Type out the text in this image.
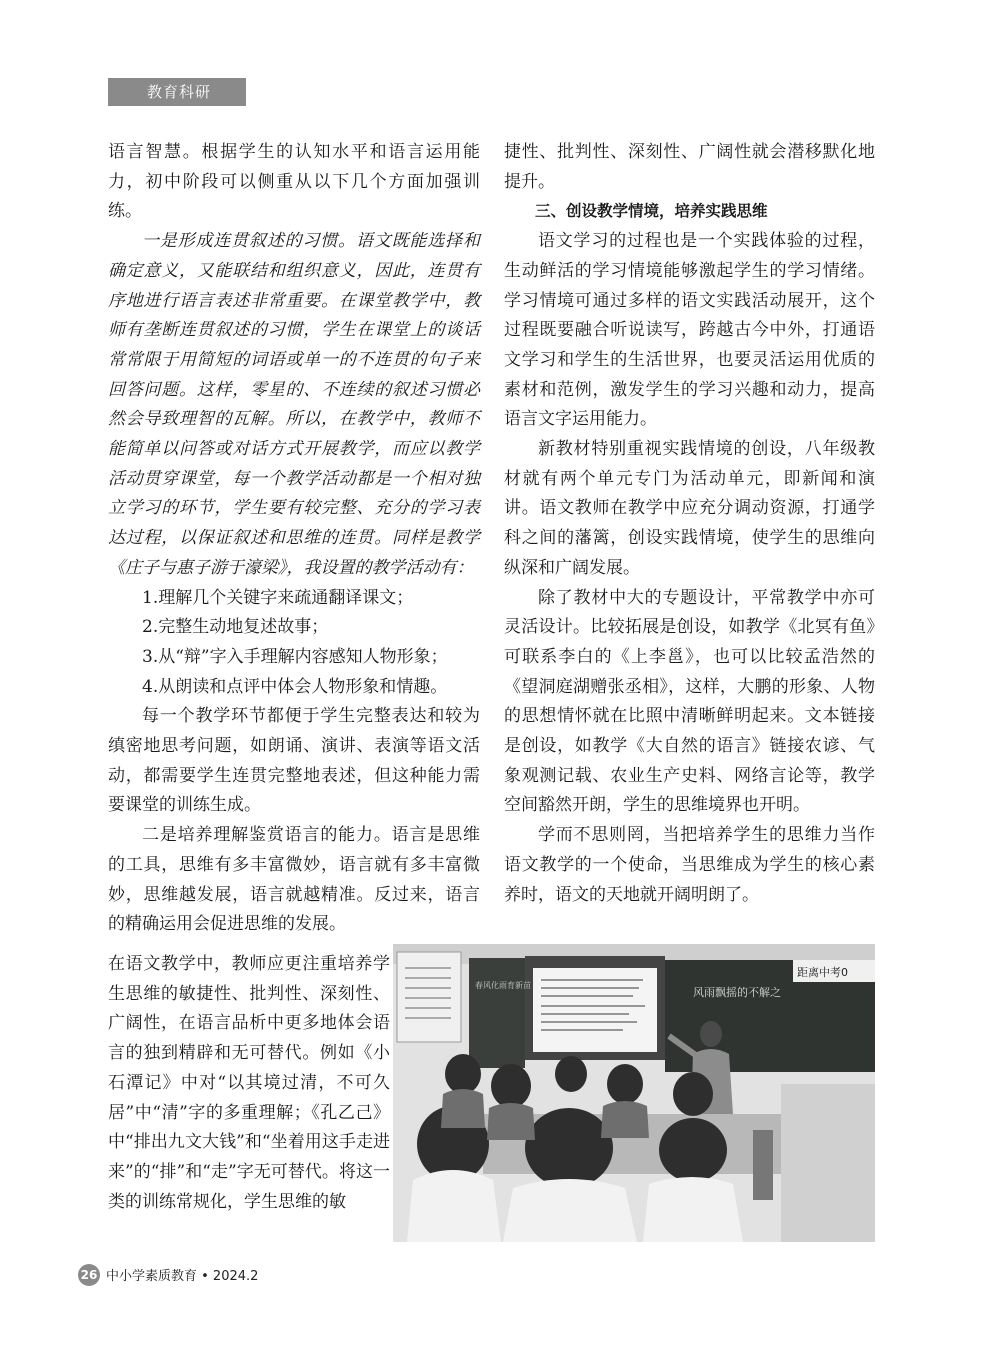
教育科研

语言智慧。根据学生的认知水平和语言运用能力，初中阶段可以侧重从以下几个方面加强训练。

一是形成连贯叙述的习惯。语文既能选择和确定意义，又能联结和组织意义，因此，连贯有序地进行语言表述非常重要。在课堂教学中，教师有垄断连贯叙述的习惯，学生在课堂上的谈话常常限于用简短的词语或单一的不连贯的句子来回答问题。这样，零星的、不连续的叙述习惯必然会导致理智的瓦解。所以，在教学中，教师不能简单以问答或对话方式开展教学，而应以教学活动贯穿课堂，每一个教学活动都是一个相对独立学习的环节，学生要有较完整、充分的学习表达过程，以保证叙述和思维的连贯。同样是教学《庄子与惠子游于濠梁》，我设置的教学活动有：

1.理解几个关键字来疏通翻译课文；

2.完整生动地复述故事；

3.从“辩”字入手理解内容感知人物形象；

4.从朗读和点评中体会人物形象和情趣。

每一个教学环节都便于学生完整表达和较为缜密地思考问题，如朗诵、演讲、表演等语文活动，都需要学生连贯完整地表述，但这种能力需要课堂的训练生成。

二是培养理解鉴赏语言的能力。语言是思维的工具，思维有多丰富微妙，语言就有多丰富微妙，思维越发展，语言就越精准。反过来，语言的精确运用会促进思维的发展。

在语文教学中，教师应更注重培养学生思维的敏捷性、批判性、深刻性、广阔性，在语言品析中更多地体会语言的独到精辟和无可替代。例如《小石潭记》中对“以其境过清，不可久居”中“清”字的多重理解；《孔乙己》中“排出九文大钱”和“坐着用这手走进来”的“排”和“走”字无可替代。将这一类的训练常规化，学生思维的敏

捷性、批判性、深刻性、广阔性就会潜移默化地提升。

三、创设教学情境，培养实践思维

语文学习的过程也是一个实践体验的过程，生动鲜活的学习情境能够激起学生的学习情绪。学习情境可通过多样的语文实践活动展开，这个过程既要融合听说读写，跨越古今中外，打通语文学习和学生的生活世界，也要灵活运用优质的素材和范例，激发学生的学习兴趣和动力，提高语言文字运用能力。

新教材特别重视实践情境的创设，八年级教材就有两个单元专门为活动单元，即新闻和演讲。语文教师在教学中应充分调动资源，打通学科之间的藩篱，创设实践情境，使学生的思维向纵深和广阔发展。

除了教材中大的专题设计，平常教学中亦可灵活设计。比较拓展是创设，如教学《北冥有鱼》可联系李白的《上李邕》，也可以比较孟浩然的《望洞庭湖赠张丞相》，这样，大鹏的形象、人物的思想情怀就在比照中清晰鲜明起来。文本链接是创设，如教学《大自然的语言》链接农谚、气象观测记载、农业生产史料、网络言论等，教学空间豁然开朗，学生的思维境界也开明。

学而不思则罔，当把培养学生的思维力当作语文教学的一个使命，当思维成为学生的核心素养时，语文的天地就开阔明朗了。

距离中考0
风雨飘摇的不解之
春风化雨育新苗
26 中小学素质教育 • 2024.2
